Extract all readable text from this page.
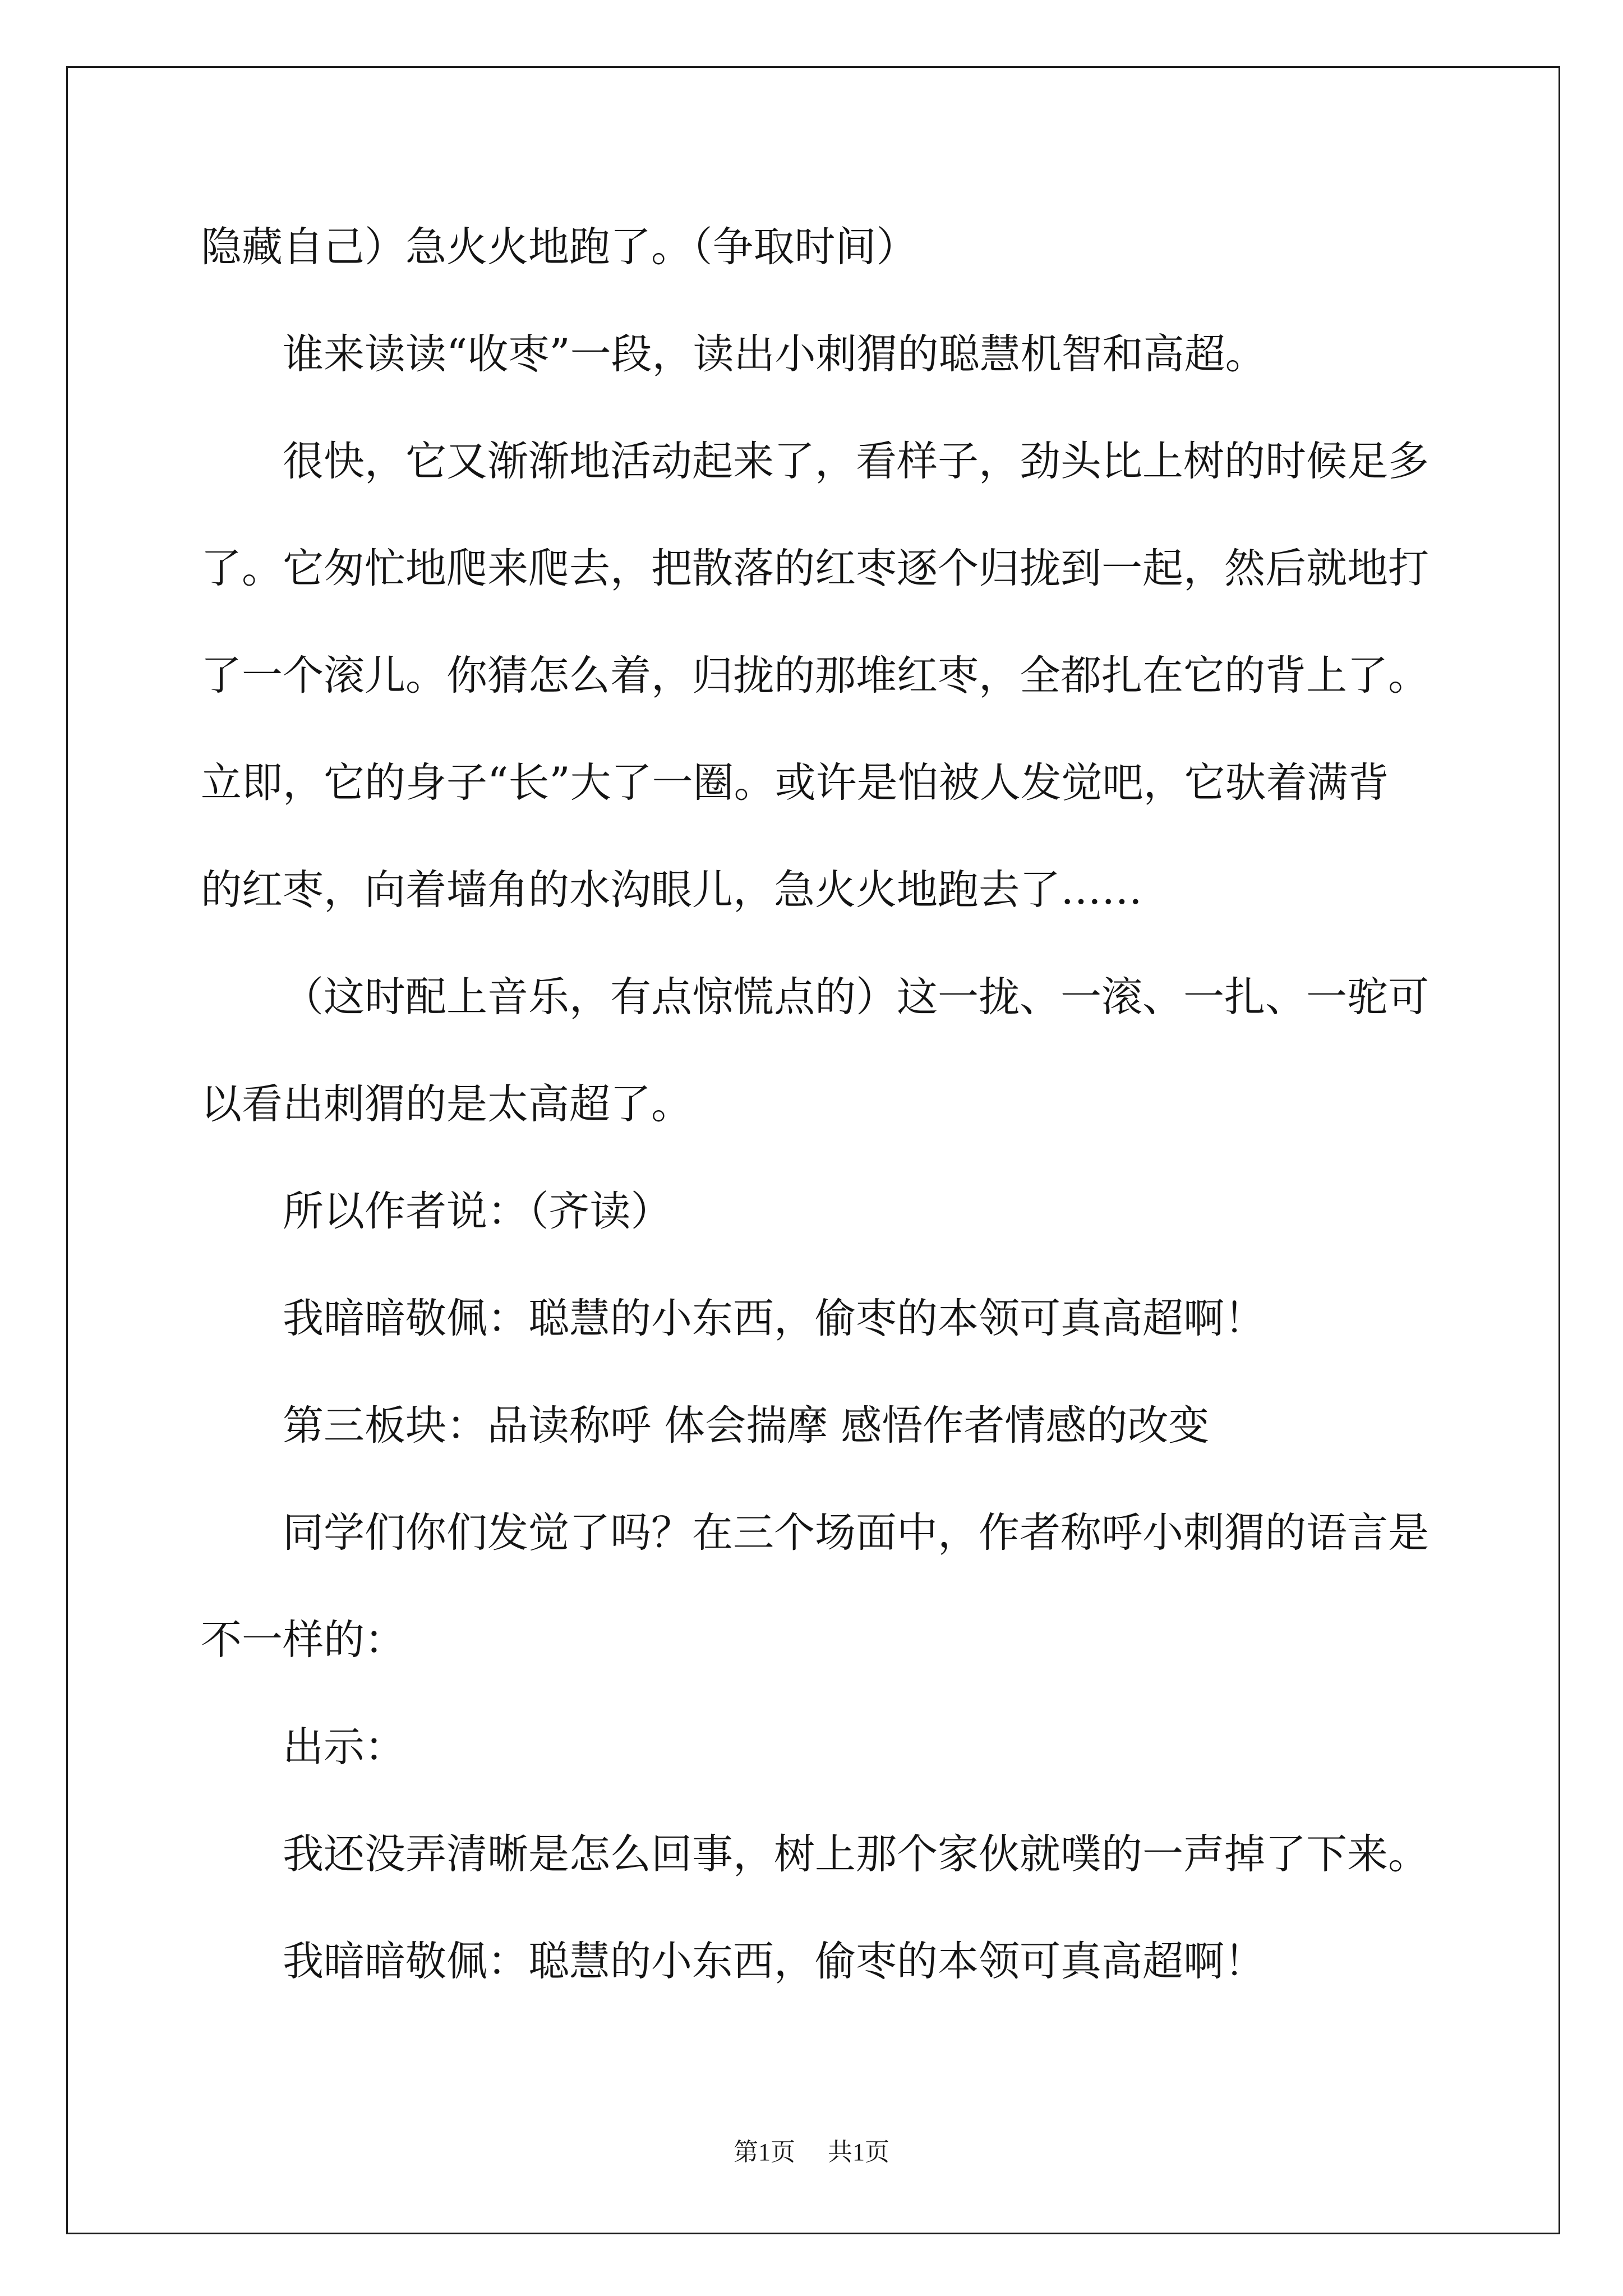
隐藏自己）急火火地跑了。（争取时间）
谁来读读“收枣”一段，读出小刺猬的聪慧机智和高超。
很快，它又渐渐地活动起来了，看样子，劲头比上树的时候足多
了。它匆忙地爬来爬去，把散落的红枣逐个归拢到一起，然后就地打
了一个滚儿。你猜怎么着，归拢的那堆红枣，全都扎在它的背上了。
立即，它的身子“长”大了一圈。或许是怕被人发觉吧，它驮着满背
的红枣，向着墙角的水沟眼儿，急火火地跑去了……
（这时配上音乐，有点惊慌点的）这一拢、一滚、一扎、一驼可
以看出刺猬的是太高超了。
所以作者说：（齐读）
我暗暗敬佩：聪慧的小东西，偷枣的本领可真高超啊！
第三板块：品读称呼 体会揣摩 感悟作者情感的改变
同学们你们发觉了吗？在三个场面中，作者称呼小刺猬的语言是
不一样的：
出示：
我还没弄清晰是怎么回事，树上那个家伙就噗的一声掉了下来。
我暗暗敬佩：聪慧的小东西，偷枣的本领可真高超啊！
第1页 共1页
